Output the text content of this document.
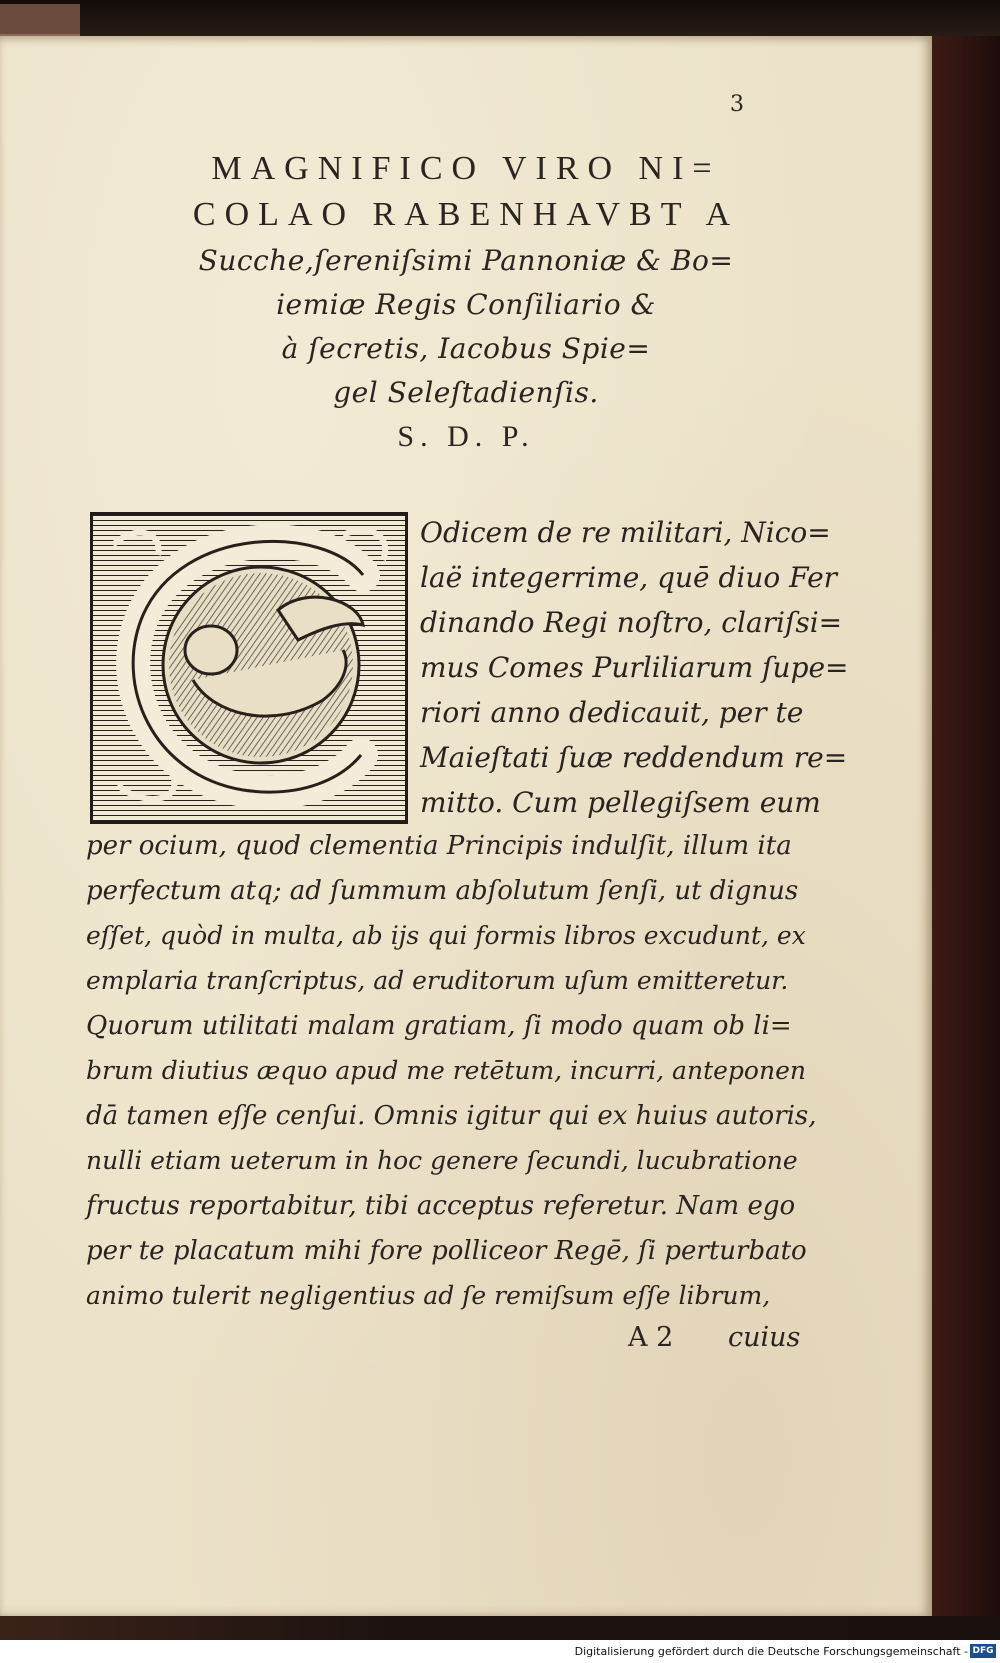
3
MAGNIFICO VIRO NI=
COLAO RABENHAVBT A
Sucche,ſereniſsimi Pannoniæ & Bo=
iemiæ Regis Conſiliario &
à ſecretis, Iacobus Spie=
gel Seleſtadienſis.
S. D. P.
Odicem de re militari, Nico=
laë integerrime, quē diuo Fer
dinando Regi noſtro, clariſsi=
mus Comes Purliliarum ſupe=
riori anno dedicauit, per te
Maieſtati ſuæ reddendum re=
mitto. Cum pellegiſsem eum
per ocium, quod clementia Principis indulſit, illum ita
perfectum atq; ad ſummum abſolutum ſenſi, ut dignus
eſſet, quòd in multa, ab ijs qui formis libros excudunt, ex
emplaria tranſcriptus, ad eruditorum uſum emitteretur.
Quorum utilitati malam gratiam, ſi modo quam ob li=
brum diutius æquo apud me retētum, incurri, anteponen
dā tamen eſſe cenſui. Omnis igitur qui ex huius autoris,
nulli etiam ueterum in hoc genere ſecundi, lucubratione
fructus reportabitur, tibi acceptus referetur. Nam ego
per te placatum mihi fore polliceor Regē, ſi perturbato
animo tulerit negligentius ad ſe remiſsum eſſe librum,
A 2 cuius
Digitalisierung gefördert durch die Deutsche Forschungsgemeinschaft - DFG
